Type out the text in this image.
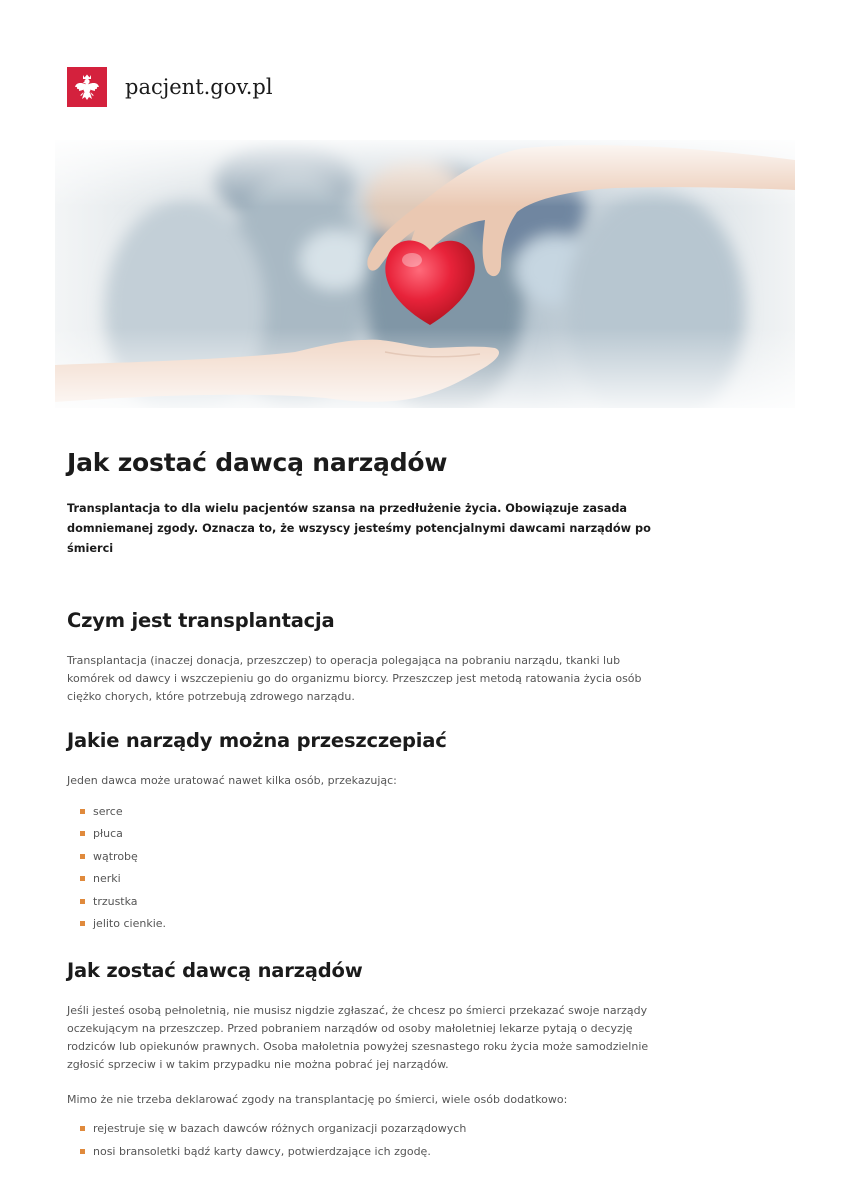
pacjent.gov.pl
Jak zostać dawcą narządów

Transplantacja to dla wielu pacjentów szansa na przedłużenie życia. Obowiązuje zasada domniemanej zgody. Oznacza to, że wszyscy jesteśmy potencjalnymi dawcami narządów po śmierci

Czym jest transplantacja

Transplantacja (inaczej donacja, przeszczep) to operacja polegająca na pobraniu narządu, tkanki lub komórek od dawcy i wszczepieniu go do organizmu biorcy. Przeszczep jest metodą ratowania życia osób ciężko chorych, które potrzebują zdrowego narządu.

Jakie narządy można przeszczepiać

Jeden dawca może uratować nawet kilka osób, przekazując:

serce
płuca
wątrobę
nerki
trzustka
jelito cienkie.
Jak zostać dawcą narządów

Jeśli jesteś osobą pełnoletnią, nie musisz nigdzie zgłaszać, że chcesz po śmierci przekazać swoje narządy oczekującym na przeszczep. Przed pobraniem narządów od osoby małoletniej lekarze pytają o decyzję rodziców lub opiekunów prawnych. Osoba małoletnia powyżej szesnastego roku życia może samodzielnie zgłosić sprzeciw i w takim przypadku nie można pobrać jej narządów.

Mimo że nie trzeba deklarować zgody na transplantację po śmierci, wiele osób dodatkowo:

rejestruje się w bazach dawców różnych organizacji pozarządowych
nosi bransoletki bądź karty dawcy, potwierdzające ich zgodę.
